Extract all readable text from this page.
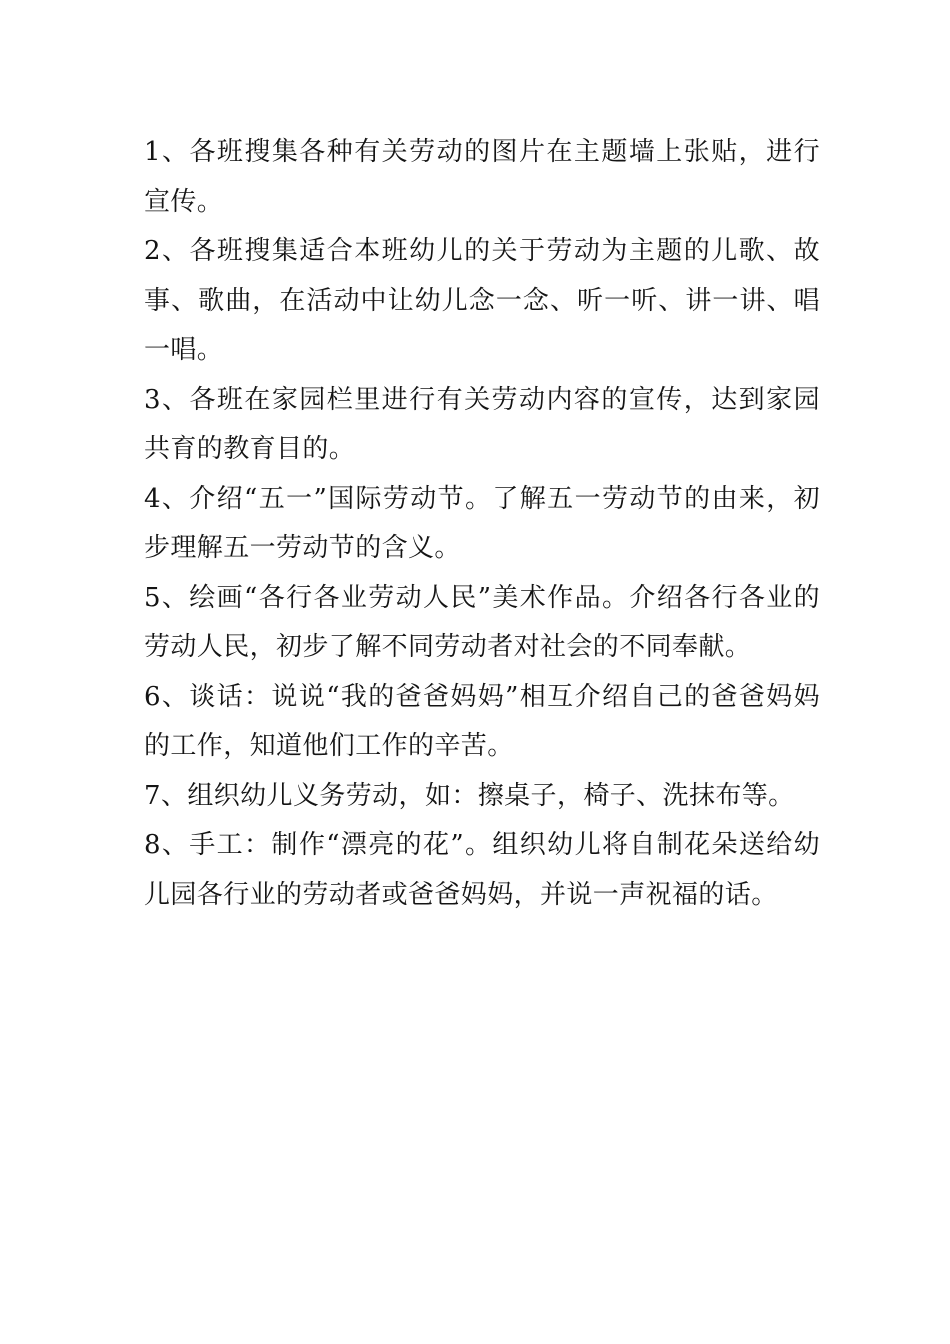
1、各班搜集各种有关劳动的图片在主题墙上张贴，进行宣传。

2、各班搜集适合本班幼儿的关于劳动为主题的儿歌、故事、歌曲，在活动中让幼儿念一念、听一听、讲一讲、唱一唱。

3、各班在家园栏里进行有关劳动内容的宣传，达到家园共育的教育目的。

4、介绍“五一”国际劳动节。了解五一劳动节的由来，初步理解五一劳动节的含义。

5、绘画“各行各业劳动人民”美术作品。介绍各行各业的劳动人民，初步了解不同劳动者对社会的不同奉献。

6、谈话：说说“我的爸爸妈妈”相互介绍自己的爸爸妈妈的工作，知道他们工作的辛苦。

7、组织幼儿义务劳动，如：擦桌子，椅子、洗抹布等。

8、手工：制作“漂亮的花”。组织幼儿将自制花朵送给幼儿园各行业的劳动者或爸爸妈妈，并说一声祝福的话。
